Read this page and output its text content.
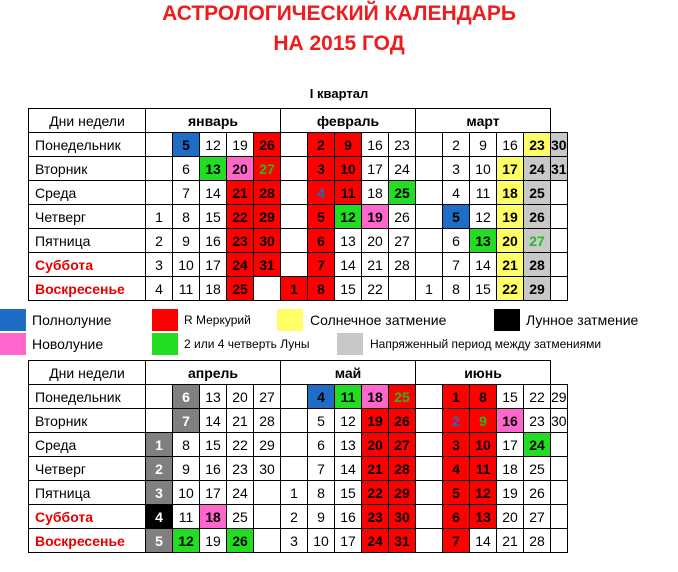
АСТРОЛОГИЧЕСКИЙ КАЛЕНДАРЬ
НА 2015 ГОД
I квартал
Дни недели	январь					февраль					март					
Понедельник		5	12	19	26		2	9	16	23		2	9	16	23	30
Вторник		6	13	20	27		3	10	17	24		3	10	17	24	31
Среда		7	14	21	28		4	11	18	25		4	11	18	25	
Четверг	1	8	15	22	29		5	12	19	26		5	12	19	26	
Пятница	2	9	16	23	30		6	13	20	27		6	13	20	27	
Суббота	3	10	17	24	31		7	14	21	28		7	14	21	28	
Воскресенье	4	11	18	25		1	8	15	22		1	8	15	22	29	
Полнолуние	R Меркурий	Солнечное затмение	Лунное затмение
Новолуние	2 или 4 четверть Луны	Напряженный период между затмениями
Дни недели	апрель					май					июнь					
Понедельник		6	13	20	27		4	11	18	25		1	8	15	22	29
Вторник		7	14	21	28		5	12	19	26		2	9	16	23	30
Среда	1	8	15	22	29		6	13	20	27		3	10	17	24	
Четверг	2	9	16	23	30		7	14	21	28		4	11	18	25	
Пятница	3	10	17	24		1	8	15	22	29		5	12	19	26	
Суббота	4	11	18	25		2	9	16	23	30		6	13	20	27	
Воскресенье	5	12	19	26		3	10	17	24	31		7	14	21	28	
